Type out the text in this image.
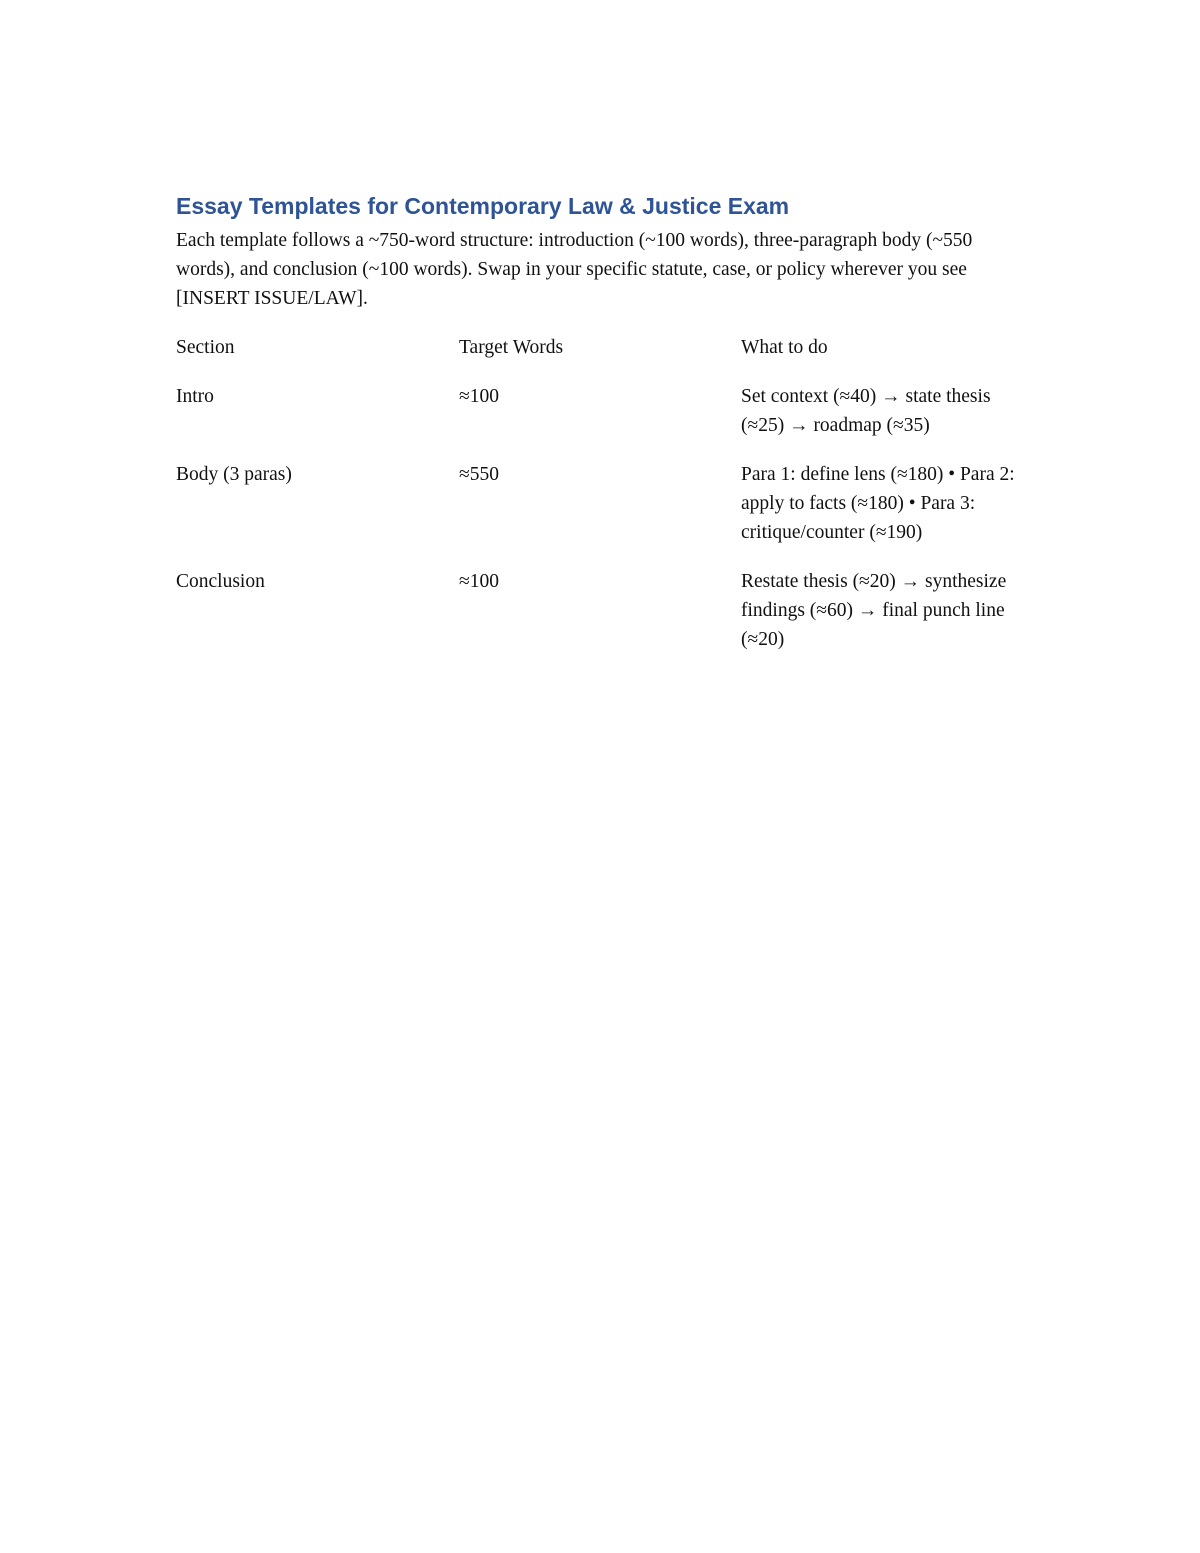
Essay Templates for Contemporary Law & Justice Exam

Each template follows a ~750-word structure: introduction (~100 words), three-paragraph body (~550 words), and conclusion (~100 words). Swap in your specific statute, case, or policy wherever you see [INSERT ISSUE/LAW].

Section	Target Words	What to do
Intro	≈100	Set context (≈40) → state thesis (≈25) → roadmap (≈35)
Body (3 paras)	≈550	Para 1: define lens (≈180) • Para 2: apply to facts (≈180) • Para 3: critique/counter (≈190)
Conclusion	≈100	Restate thesis (≈20) → synthesize findings (≈60) → final punch line (≈20)
